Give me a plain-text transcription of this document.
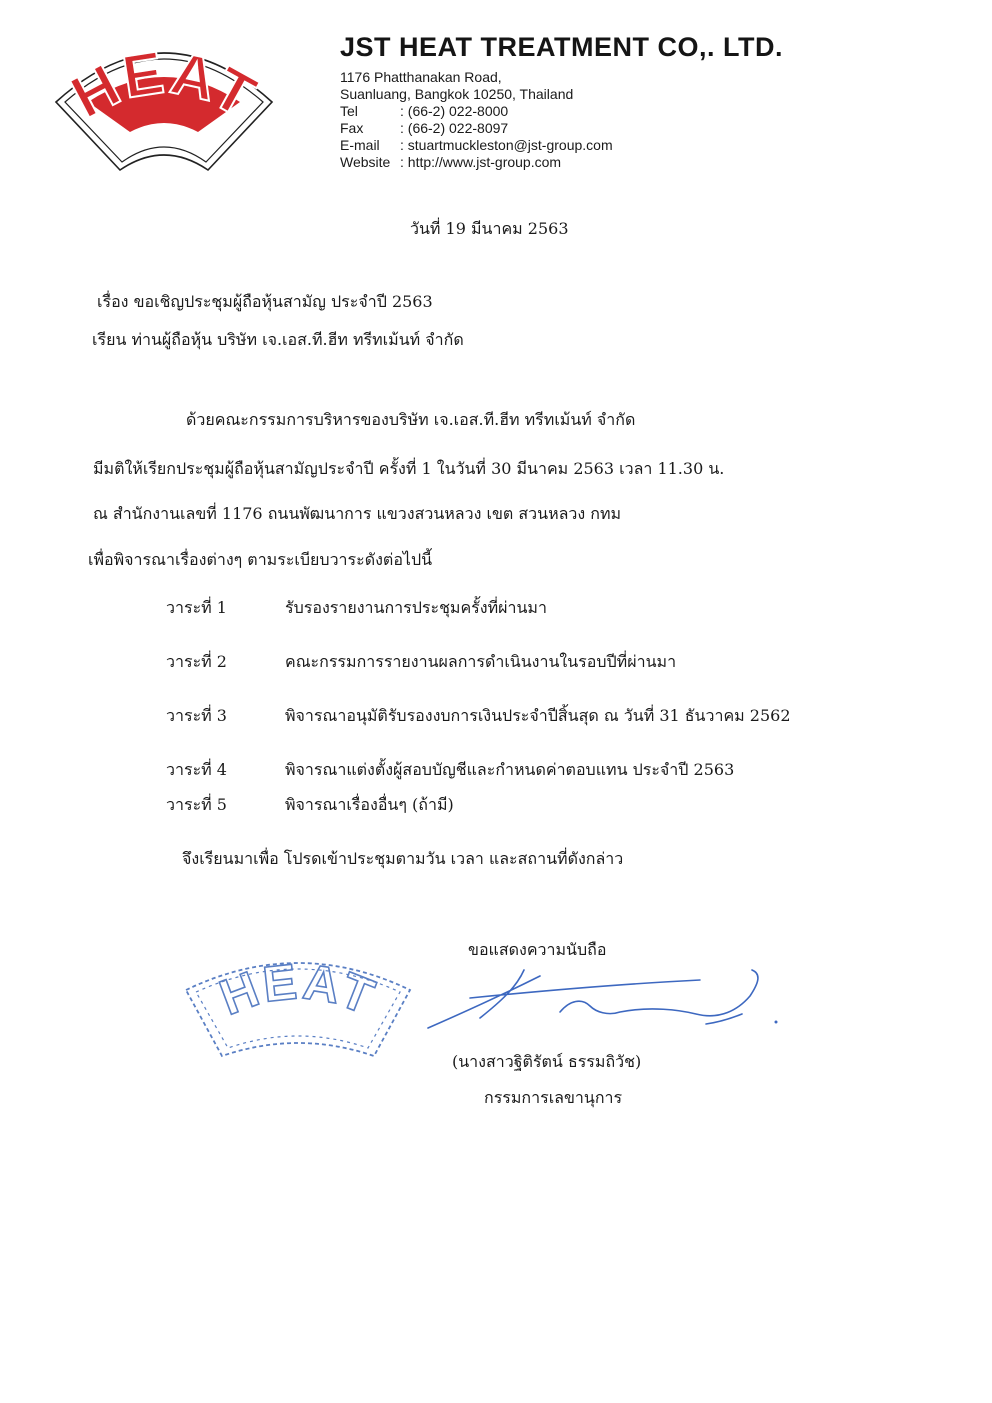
HEAT
JST HEAT TREATMENT CO,. LTD.
1176 Phatthanakan Road,
Suanluang, Bangkok 10250, Thailand
Tel	: (66-2) 022-8000
Fax	: (66-2) 022-8097
E-mail : stuartmuckleston@jst-group.com
Website : http://www.jst-group.com
วันที่ 19 มีนาคม 2563
เรื่อง ขอเชิญประชุมผู้ถือหุ้นสามัญ ประจำปี 2563
เรียน ท่านผู้ถือหุ้น บริษัท เจ.เอส.ที.ฮีท ทรีทเม้นท์ จำกัด
ด้วยคณะกรรมการบริหารของบริษัท เจ.เอส.ที.ฮีท ทรีทเม้นท์ จำกัด
มีมติให้เรียกประชุมผู้ถือหุ้นสามัญประจำปี ครั้งที่ 1 ในวันที่ 30 มีนาคม 2563 เวลา 11.30 น.
ณ สำนักงานเลขที่ 1176 ถนนพัฒนาการ แขวงสวนหลวง เขต สวนหลวง กทม
เพื่อพิจารณาเรื่องต่างๆ ตามระเบียบวาระดังต่อไปนี้
วาระที่ 1	รับรองรายงานการประชุมครั้งที่ผ่านมา
วาระที่ 2	คณะกรรมการรายงานผลการดำเนินงานในรอบปีที่ผ่านมา
วาระที่ 3	พิจารณาอนุมัติรับรองงบการเงินประจำปีสิ้นสุด ณ วันที่ 31 ธันวาคม 2562
วาระที่ 4	พิจารณาแต่งตั้งผู้สอบบัญชีและกำหนดค่าตอบแทน ประจำปี 2563
วาระที่ 5	พิจารณาเรื่องอื่นๆ (ถ้ามี)
จึงเรียนมาเพื่อ โปรดเข้าประชุมตามวัน เวลา และสถานที่ดังกล่าว
ขอแสดงความนับถือ
HEAT
(นางสาวฐิติรัตน์ ธรรมถิวัช)
กรรมการเลขานุการ
